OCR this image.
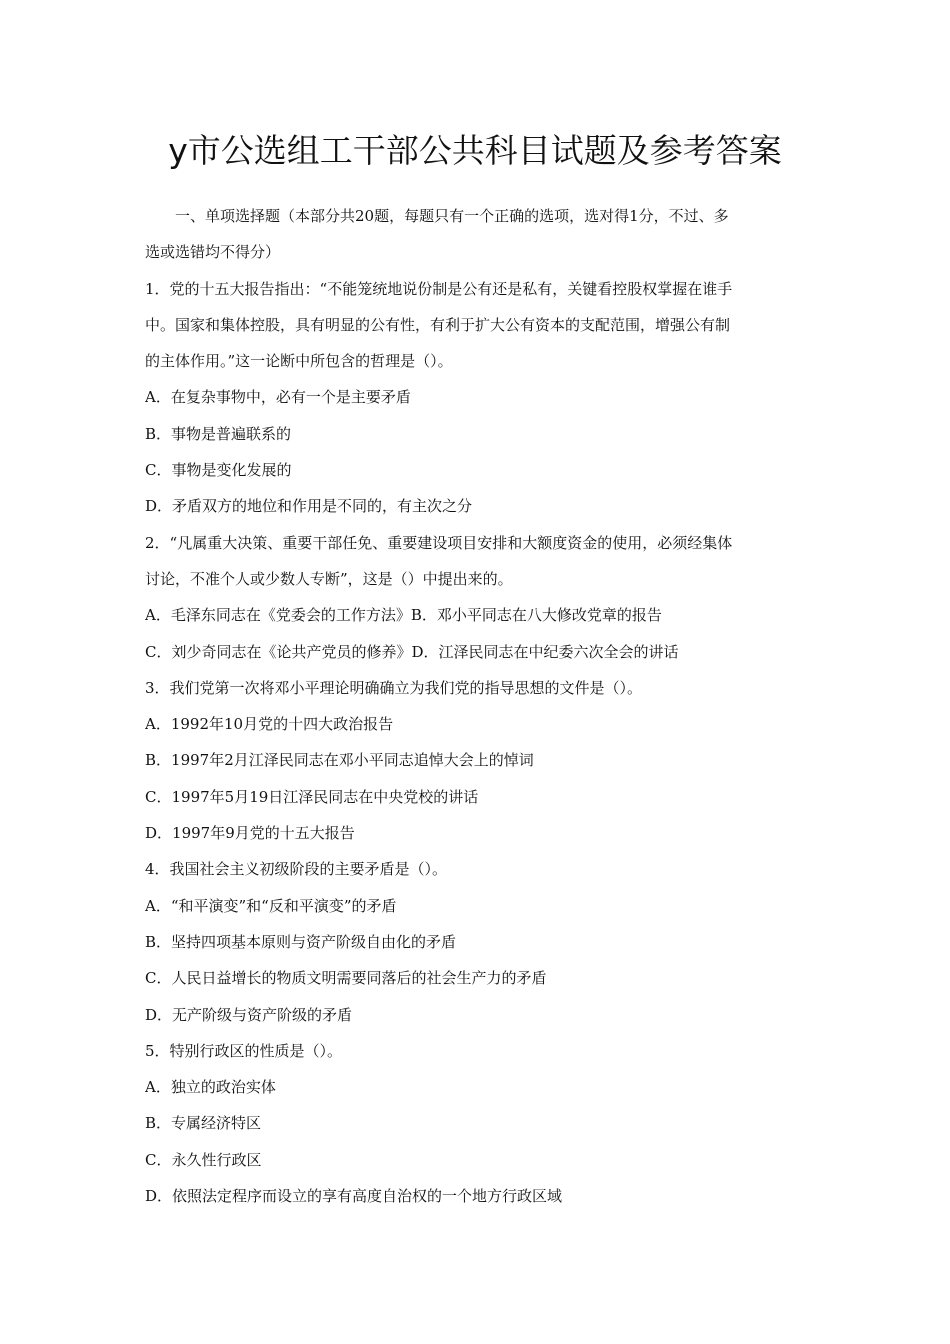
y市公选组工干部公共科目试题及参考答案
一、单项选择题（本部分共20题，每题只有一个正确的选项，选对得1分，不过、多
选或选错均不得分）
1．党的十五大报告指出：“不能笼统地说份制是公有还是私有，关键看控股权掌握在谁手
中。国家和集体控股，具有明显的公有性，有利于扩大公有资本的支配范围，增强公有制
的主体作用。”这一论断中所包含的哲理是（）。
A．在复杂事物中，必有一个是主要矛盾
B．事物是普遍联系的
C．事物是变化发展的
D．矛盾双方的地位和作用是不同的，有主次之分
2．“凡属重大决策、重要干部任免、重要建设项目安排和大额度资金的使用，必须经集体
讨论，不准个人或少数人专断”，这是（）中提出来的。
A．毛泽东同志在《党委会的工作方法》B．邓小平同志在八大修改党章的报告
C．刘少奇同志在《论共产党员的修养》D．江泽民同志在中纪委六次全会的讲话
3．我们党第一次将邓小平理论明确确立为我们党的指导思想的文件是（）。
A．1992年10月党的十四大政治报告
B．1997年2月江泽民同志在邓小平同志追悼大会上的悼词
C．1997年5月19日江泽民同志在中央党校的讲话
D．1997年9月党的十五大报告
4．我国社会主义初级阶段的主要矛盾是（）。
A．“和平演变”和“反和平演变”的矛盾
B．坚持四项基本原则与资产阶级自由化的矛盾
C．人民日益增长的物质文明需要同落后的社会生产力的矛盾
D．无产阶级与资产阶级的矛盾
5．特别行政区的性质是（）。
A．独立的政治实体
B．专属经济特区
C．永久性行政区
D．依照法定程序而设立的享有高度自治权的一个地方行政区域
